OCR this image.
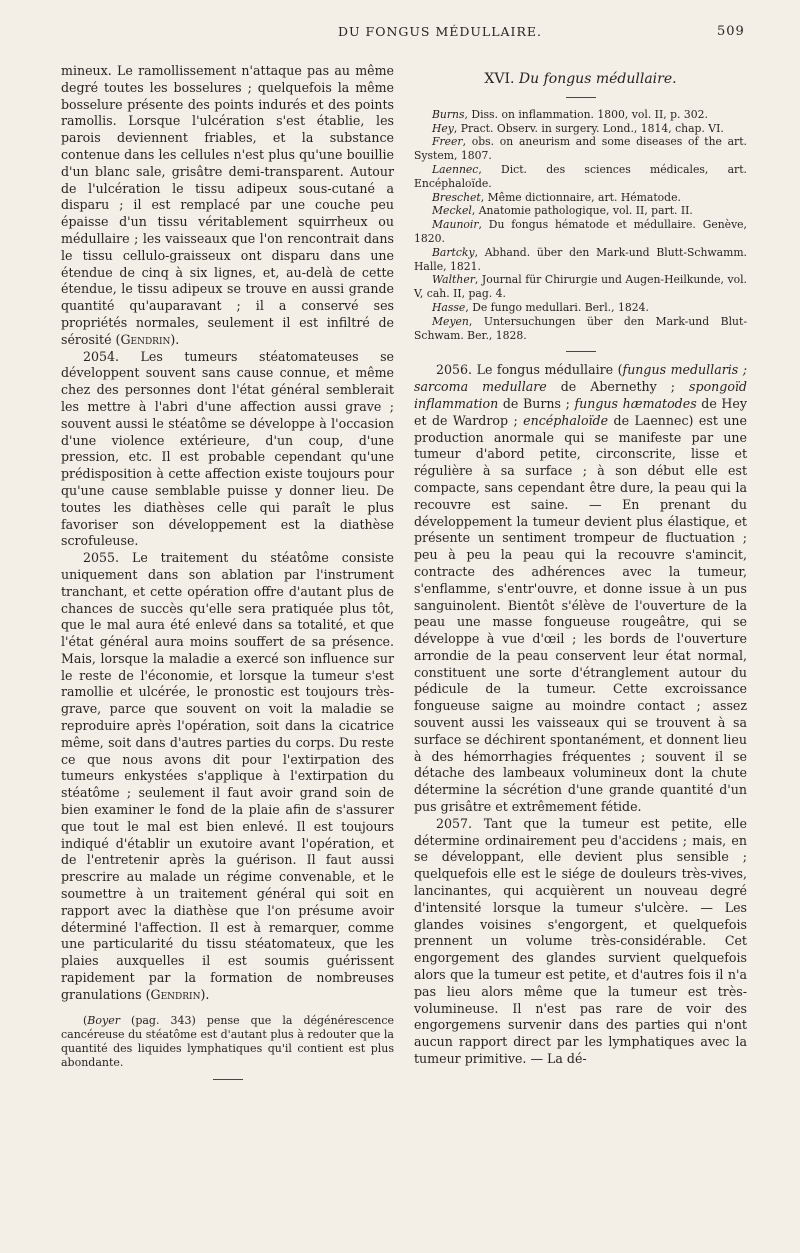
DU FONGUS MÉDULLAIRE.	509

mineux. Le ramollissement n'attaque pas au même degré toutes les bosselures ; quelquefois la même bosselure présente des points indurés et des points ramollis. Lorsque l'ulcération s'est établie, les parois deviennent friables, et la substance contenue dans les cellules n'est plus qu'une bouillie d'un blanc sale, grisâtre demi-transparent. Autour de l'ulcération le tissu adipeux sous-cutané a disparu ; il est remplacé par une couche peu épaisse d'un tissu véritablement squirrheux ou médullaire ; les vaisseaux que l'on rencontrait dans le tissu cellulo-graisseux ont disparu dans une étendue de cinq à six lignes, et, au-delà de cette étendue, le tissu adipeux se trouve en aussi grande quantité qu'auparavant ; il a conservé ses propriétés normales, seulement il est infiltré de sérosité (Gendrin).

2054. Les tumeurs stéatomateuses se développent souvent sans cause connue, et même chez des personnes dont l'état général semblerait les mettre à l'abri d'une affection aussi grave ; souvent aussi le stéatôme se développe à l'occasion d'une violence extérieure, d'un coup, d'une pression, etc. Il est probable cependant qu'une prédisposition à cette affection existe toujours pour qu'une cause semblable puisse y donner lieu. De toutes les diathèses celle qui paraît le plus favoriser son développement est la diathèse scrofuleuse.

2055. Le traitement du stéatôme consiste uniquement dans son ablation par l'instrument tranchant, et cette opération offre d'autant plus de chances de succès qu'elle sera pratiquée plus tôt, que le mal aura été enlevé dans sa totalité, et que l'état général aura moins souffert de sa présence. Mais, lorsque la maladie a exercé son influence sur le reste de l'économie, et lorsque la tumeur s'est ramollie et ulcérée, le pronostic est toujours très-grave, parce que souvent on voit la maladie se reproduire après l'opération, soit dans la cicatrice même, soit dans d'autres parties du corps. Du reste ce que nous avons dit pour l'extirpation des tumeurs enkystées s'applique à l'extirpation du stéatôme ; seulement il faut avoir grand soin de bien examiner le fond de la plaie afin de s'assurer que tout le mal est bien enlevé. Il est toujours indiqué d'établir un exutoire avant l'opération, et de l'entretenir après la guérison. Il faut aussi prescrire au malade un régime convenable, et le soumettre à un traitement général qui soit en rapport avec la diathèse que l'on présume avoir déterminé l'affection. Il est à remarquer, comme une particularité du tissu stéatomateux, que les plaies auxquelles il est soumis guérissent rapidement par la formation de nombreuses granulations (Gendrin).

(Boyer (pag. 343) pense que la dégénérescence cancéreuse du stéatôme est d'autant plus à redouter que la quantité des liquides lymphatiques qu'il contient est plus abondante.

XVI. Du fongus médullaire.

Burns, Diss. on inflammation. 1800, vol. II, p. 302.

Hey, Pract. Observ. in surgery. Lond., 1814, chap. VI.

Freer, obs. on aneurism and some diseases of the art. System, 1807.

Laennec, Dict. des sciences médicales, art. Encéphaloïde.

Breschet, Même dictionnaire, art. Hématode.

Meckel, Anatomie pathologique, vol. II, part. II.

Maunoir, Du fongus hématode et médullaire. Genève, 1820.

Bartcky, Abhand. über den Mark-und Blutt-Schwamm. Halle, 1821.

Walther, Journal für Chirurgie und Augen-Heilkunde, vol. V, cah. II, pag. 4.

Hasse, De fungo medullari. Berl., 1824.

Meyen, Untersuchungen über den Mark-und Blut-Schwam. Ber., 1828.

2056. Le fongus médullaire (fungus medullaris ; sarcoma medullare de Abernethy ; spongoïd inflammation de Burns ; fungus hæmatodes de Hey et de Wardrop ; encéphaloïde de Laennec) est une production anormale qui se manifeste par une tumeur d'abord petite, circonscrite, lisse et régulière à sa surface ; à son début elle est compacte, sans cependant être dure, la peau qui la recouvre est saine. — En prenant du développement la tumeur devient plus élastique, et présente un sentiment trompeur de fluctuation ; peu à peu la peau qui la recouvre s'amincit, contracte des adhérences avec la tumeur, s'enflamme, s'entr'ouvre, et donne issue à un pus sanguinolent. Bientôt s'élève de l'ouverture de la peau une masse fongueuse rougeâtre, qui se développe à vue d'œil ; les bords de l'ouverture arrondie de la peau conservent leur état normal, constituent une sorte d'étranglement autour du pédicule de la tumeur. Cette excroissance fongueuse saigne au moindre contact ; assez souvent aussi les vaisseaux qui se trouvent à sa surface se déchirent spontanément, et donnent lieu à des hémorrhagies fréquentes ; souvent il se détache des lambeaux volumineux dont la chute détermine la sécrétion d'une grande quantité d'un pus grisâtre et extrêmement fétide.

2057. Tant que la tumeur est petite, elle détermine ordinairement peu d'accidens ; mais, en se développant, elle devient plus sensible ; quelquefois elle est le siége de douleurs très-vives, lancinantes, qui acquièrent un nouveau degré d'intensité lorsque la tumeur s'ulcère. — Les glandes voisines s'engorgent, et quelquefois prennent un volume très-considérable. Cet engorgement des glandes survient quelquefois alors que la tumeur est petite, et d'autres fois il n'a pas lieu alors même que la tumeur est très-volumineuse. Il n'est pas rare de voir des engorgemens survenir dans des parties qui n'ont aucun rapport direct par les lymphatiques avec la tumeur primitive. — La dé-
